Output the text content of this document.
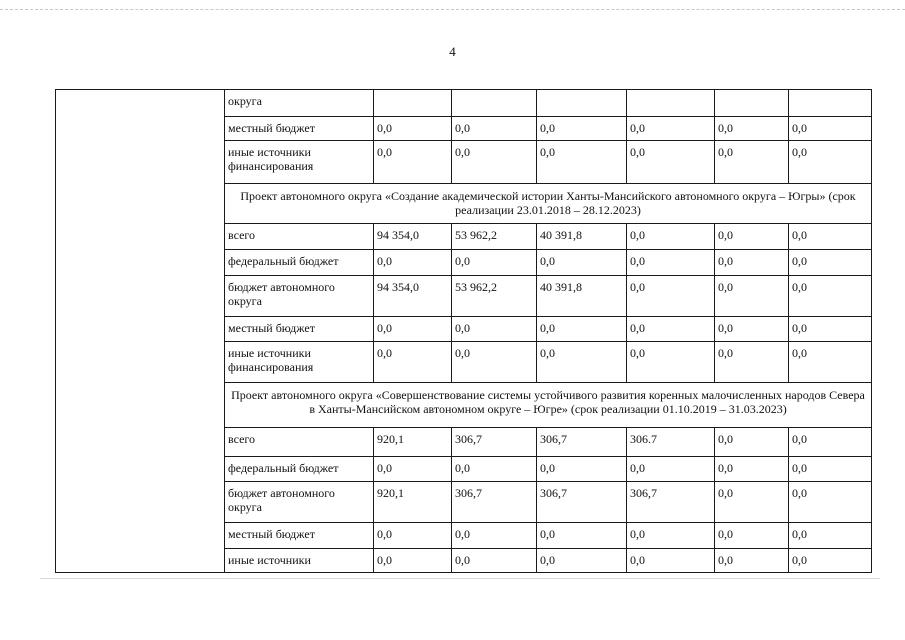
4
	округа						
	местный бюджет	0,0	0,0	0,0	0,0	0,0	0,0
	иные источники финансирования	0,0	0,0	0,0	0,0	0,0	0,0
	Проект автономного округа «Создание академической истории Ханты-Мансийского автономного округа – Югры» (срок реализации 23.01.2018 – 28.12.2023)						
	всего	94 354,0	53 962,2	40 391,8	0,0	0,0	0,0
	федеральный бюджет	0,0	0,0	0,0	0,0	0,0	0,0
	бюджет автономного округа	94 354,0	53 962,2	40 391,8	0,0	0,0	0,0
	местный бюджет	0,0	0,0	0,0	0,0	0,0	0,0
	иные источники финансирования	0,0	0,0	0,0	0,0	0,0	0,0
	Проект автономного округа «Совершенствование системы устойчивого развития коренных малочисленных народов Севера в Ханты-Мансийском автономном округе – Югре» (срок реализации 01.10.2019 – 31.03.2023)						
	всего	920,1	306,7	306,7	306.7	0,0	0,0
	федеральный бюджет	0,0	0,0	0,0	0,0	0,0	0,0
	бюджет автономного округа	920,1	306,7	306,7	306,7	0,0	0,0
	местный бюджет	0,0	0,0	0,0	0,0	0,0	0,0
	иные источники	0,0	0,0	0,0	0,0	0,0	0,0
